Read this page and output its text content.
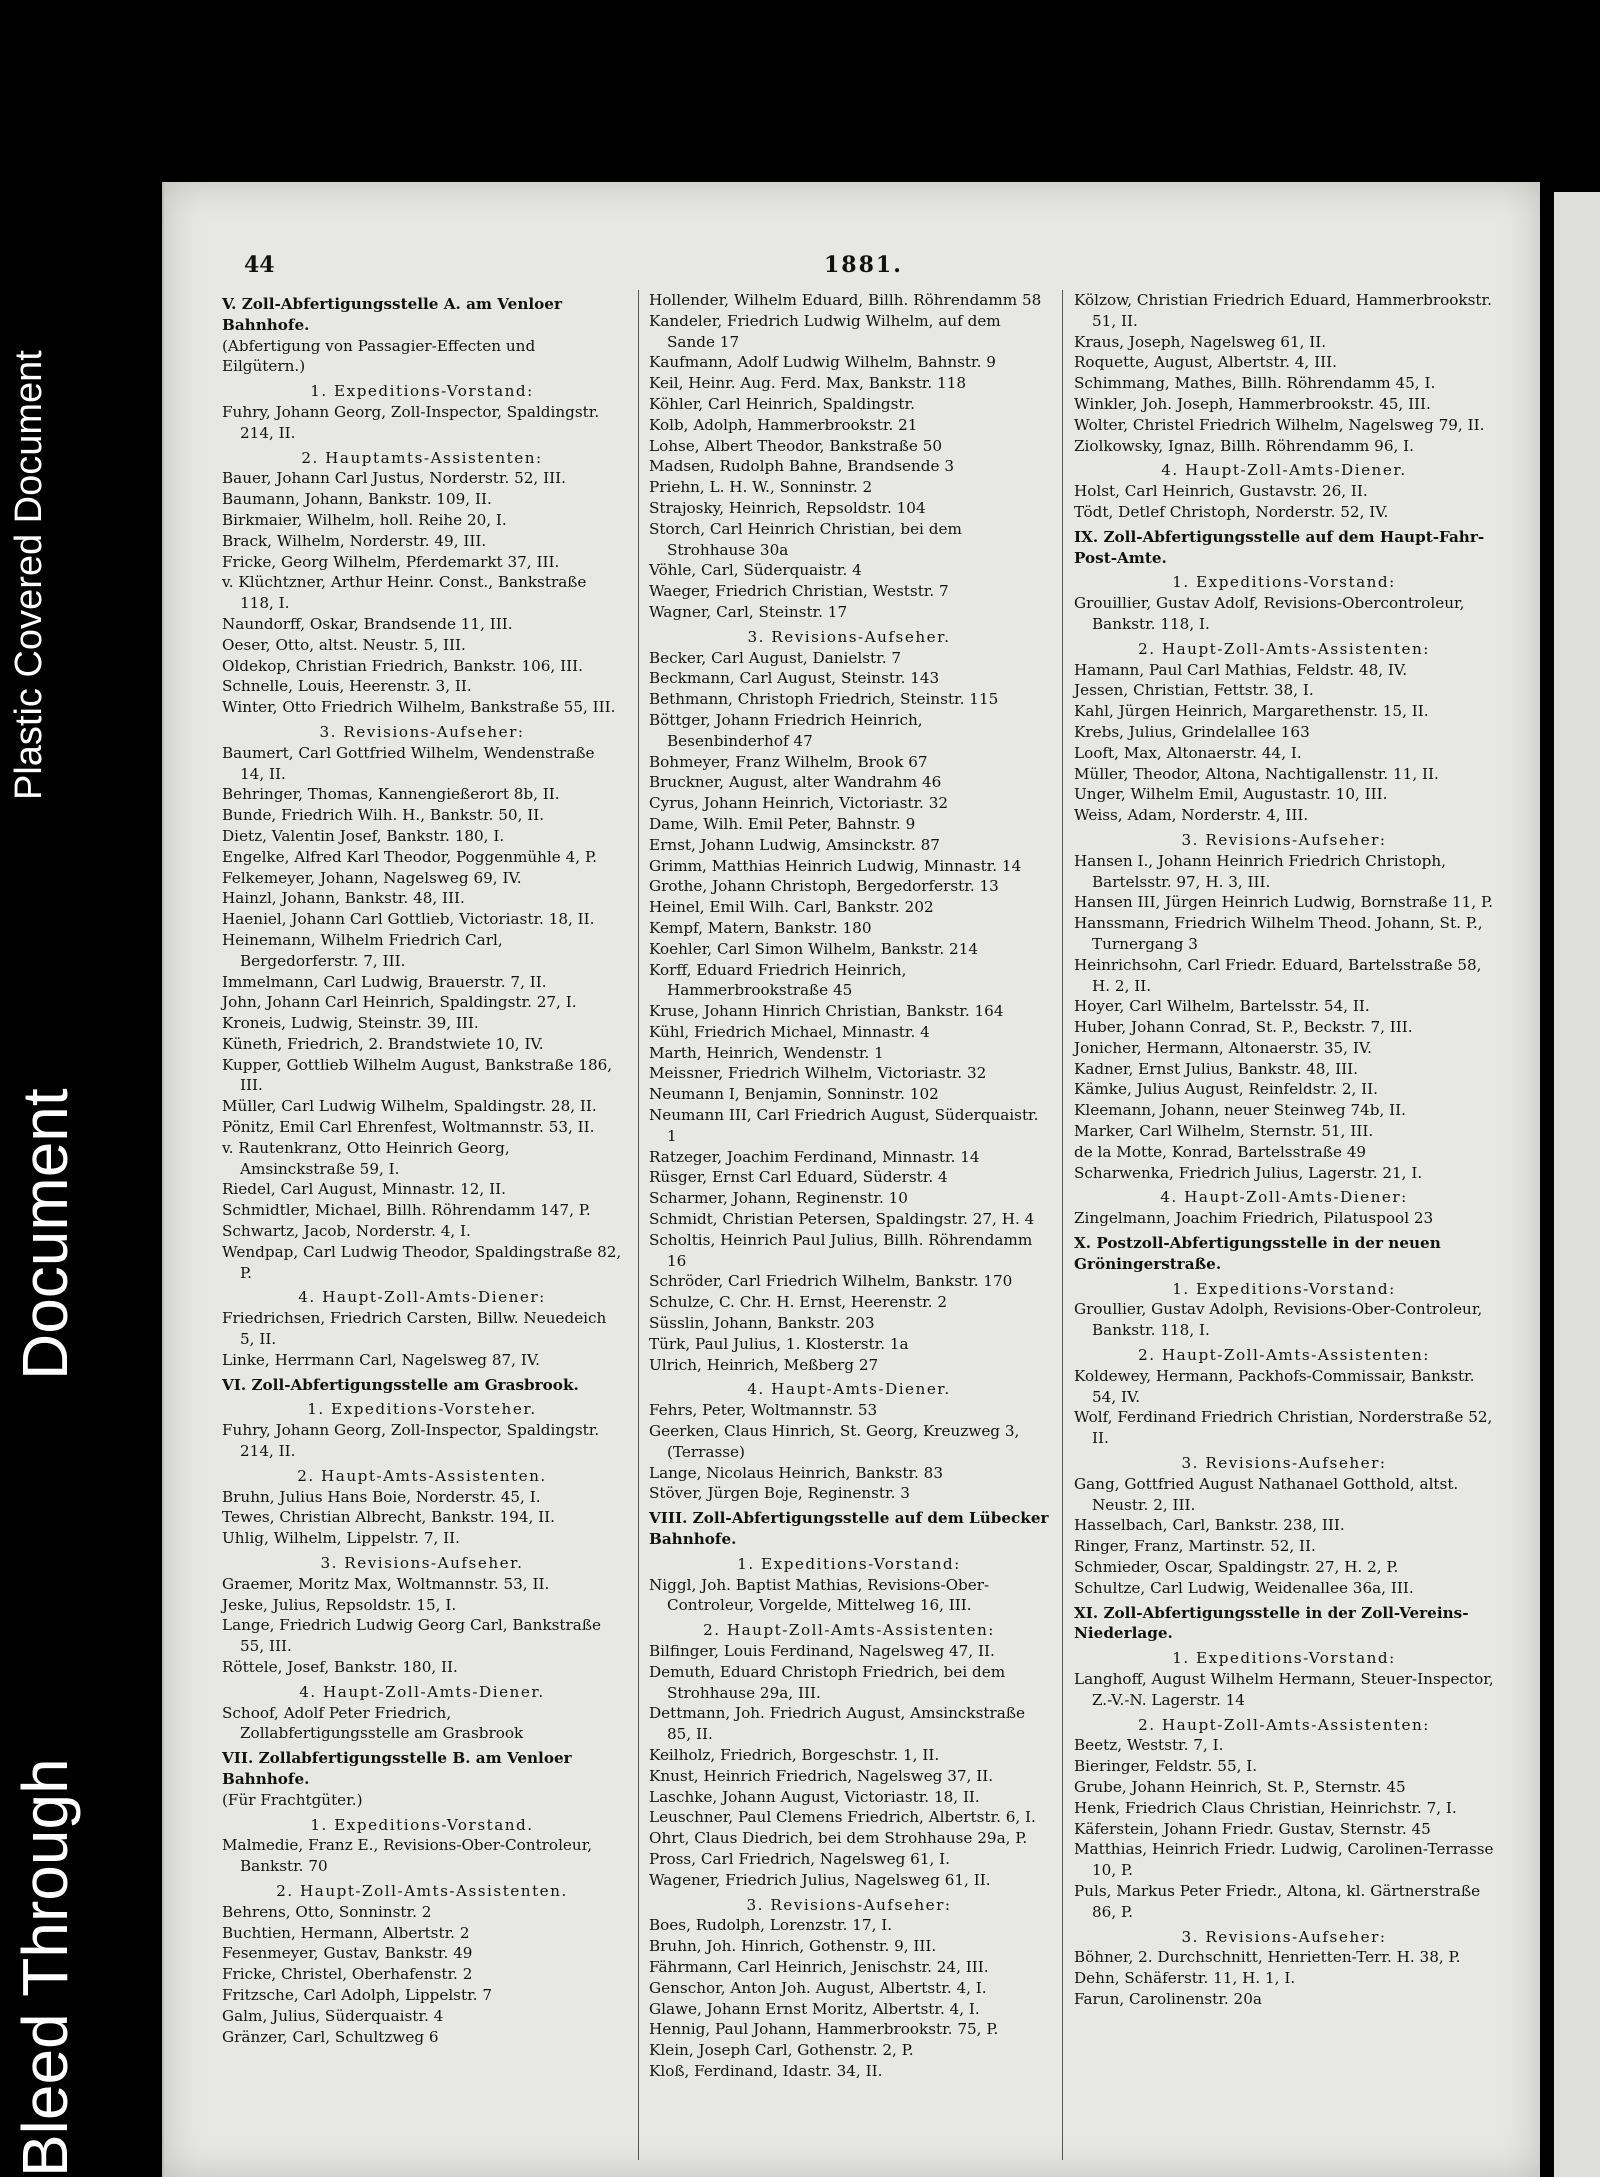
Plastic Covered Document
Document
Bleed Through
44	1881.
V. Zoll-Abfertigungsstelle A. am Venloer Bahnhofe.
(Abfertigung von Passagier-Effecten und Eilgütern.)
1. Expeditions-Vorstand:
Fuhry, Johann Georg, Zoll-Inspector, Spaldingstr. 214, II.
2. Hauptamts-Assistenten:
Bauer, Johann Carl Justus, Norderstr. 52, III.
Baumann, Johann, Bankstr. 109, II.
Birkmaier, Wilhelm, holl. Reihe 20, I.
Brack, Wilhelm, Norderstr. 49, III.
Fricke, Georg Wilhelm, Pferdemarkt 37, III.
v. Klüchtzner, Arthur Heinr. Const., Bankstraße 118, I.
Naundorff, Oskar, Brandsende 11, III.
Oeser, Otto, altst. Neustr. 5, III.
Oldekop, Christian Friedrich, Bankstr. 106, III.
Schnelle, Louis, Heerenstr. 3, II.
Winter, Otto Friedrich Wilhelm, Bankstraße 55, III.
3. Revisions-Aufseher:
Baumert, Carl Gottfried Wilhelm, Wendenstraße 14, II.
Behringer, Thomas, Kannengießerort 8b, II.
Bunde, Friedrich Wilh. H., Bankstr. 50, II.
Dietz, Valentin Josef, Bankstr. 180, I.
Engelke, Alfred Karl Theodor, Poggenmühle 4, P.
Felkemeyer, Johann, Nagelsweg 69, IV.
Hainzl, Johann, Bankstr. 48, III.
Haeniel, Johann Carl Gottlieb, Victoriastr. 18, II.
Heinemann, Wilhelm Friedrich Carl, Bergedorferstr. 7, III.
Immelmann, Carl Ludwig, Brauerstr. 7, II.
John, Johann Carl Heinrich, Spaldingstr. 27, I.
Kroneis, Ludwig, Steinstr. 39, III.
Küneth, Friedrich, 2. Brandstwiete 10, IV.
Kupper, Gottlieb Wilhelm August, Bankstraße 186, III.
Müller, Carl Ludwig Wilhelm, Spaldingstr. 28, II.
Pönitz, Emil Carl Ehrenfest, Woltmannstr. 53, II.
v. Rautenkranz, Otto Heinrich Georg, Amsinckstraße 59, I.
Riedel, Carl August, Minnastr. 12, II.
Schmidtler, Michael, Billh. Röhrendamm 147, P.
Schwartz, Jacob, Norderstr. 4, I.
Wendpap, Carl Ludwig Theodor, Spaldingstraße 82, P.
4. Haupt-Zoll-Amts-Diener:
Friedrichsen, Friedrich Carsten, Billw. Neuedeich 5, II.
Linke, Herrmann Carl, Nagelsweg 87, IV.
VI. Zoll-Abfertigungsstelle am Grasbrook.
1. Expeditions-Vorsteher.
Fuhry, Johann Georg, Zoll-Inspector, Spaldingstr. 214, II.
2. Haupt-Amts-Assistenten.
Bruhn, Julius Hans Boie, Norderstr. 45, I.
Tewes, Christian Albrecht, Bankstr. 194, II.
Uhlig, Wilhelm, Lippelstr. 7, II.
3. Revisions-Aufseher.
Graemer, Moritz Max, Woltmannstr. 53, II.
Jeske, Julius, Repsoldstr. 15, I.
Lange, Friedrich Ludwig Georg Carl, Bankstraße 55, III.
Röttele, Josef, Bankstr. 180, II.
4. Haupt-Zoll-Amts-Diener.
Schoof, Adolf Peter Friedrich, Zollabfertigungsstelle am Grasbrook
VII. Zollabfertigungsstelle B. am Venloer Bahnhofe.
(Für Frachtgüter.)
1. Expeditions-Vorstand.
Malmedie, Franz E., Revisions-Ober-Controleur, Bankstr. 70
2. Haupt-Zoll-Amts-Assistenten.
Behrens, Otto, Sonninstr. 2
Buchtien, Hermann, Albertstr. 2
Fesenmeyer, Gustav, Bankstr. 49
Fricke, Christel, Oberhafenstr. 2
Fritzsche, Carl Adolph, Lippelstr. 7
Galm, Julius, Süderquaistr. 4
Gränzer, Carl, Schultzweg 6
Hollender, Wilhelm Eduard, Billh. Röhrendamm 58
Kandeler, Friedrich Ludwig Wilhelm, auf dem Sande 17
Kaufmann, Adolf Ludwig Wilhelm, Bahnstr. 9
Keil, Heinr. Aug. Ferd. Max, Bankstr. 118
Köhler, Carl Heinrich, Spaldingstr.
Kolb, Adolph, Hammerbrookstr. 21
Lohse, Albert Theodor, Bankstraße 50
Madsen, Rudolph Bahne, Brandsende 3
Priehn, L. H. W., Sonninstr. 2
Strajosky, Heinrich, Repsoldstr. 104
Storch, Carl Heinrich Christian, bei dem Strohhause 30a
Vöhle, Carl, Süderquaistr. 4
Waeger, Friedrich Christian, Weststr. 7
Wagner, Carl, Steinstr. 17
3. Revisions-Aufseher.
Becker, Carl August, Danielstr. 7
Beckmann, Carl August, Steinstr. 143
Bethmann, Christoph Friedrich, Steinstr. 115
Böttger, Johann Friedrich Heinrich, Besenbinderhof 47
Bohmeyer, Franz Wilhelm, Brook 67
Bruckner, August, alter Wandrahm 46
Cyrus, Johann Heinrich, Victoriastr. 32
Dame, Wilh. Emil Peter, Bahnstr. 9
Ernst, Johann Ludwig, Amsinckstr. 87
Grimm, Matthias Heinrich Ludwig, Minnastr. 14
Grothe, Johann Christoph, Bergedorferstr. 13
Heinel, Emil Wilh. Carl, Bankstr. 202
Kempf, Matern, Bankstr. 180
Koehler, Carl Simon Wilhelm, Bankstr. 214
Korff, Eduard Friedrich Heinrich, Hammerbrookstraße 45
Kruse, Johann Hinrich Christian, Bankstr. 164
Kühl, Friedrich Michael, Minnastr. 4
Marth, Heinrich, Wendenstr. 1
Meissner, Friedrich Wilhelm, Victoriastr. 32
Neumann I, Benjamin, Sonninstr. 102
Neumann III, Carl Friedrich August, Süderquaistr. 1
Ratzeger, Joachim Ferdinand, Minnastr. 14
Rüsger, Ernst Carl Eduard, Süderstr. 4
Scharmer, Johann, Reginenstr. 10
Schmidt, Christian Petersen, Spaldingstr. 27, H. 4
Scholtis, Heinrich Paul Julius, Billh. Röhrendamm 16
Schröder, Carl Friedrich Wilhelm, Bankstr. 170
Schulze, C. Chr. H. Ernst, Heerenstr. 2
Süsslin, Johann, Bankstr. 203
Türk, Paul Julius, 1. Klosterstr. 1a
Ulrich, Heinrich, Meßberg 27
4. Haupt-Amts-Diener.
Fehrs, Peter, Woltmannstr. 53
Geerken, Claus Hinrich, St. Georg, Kreuzweg 3, (Terrasse)
Lange, Nicolaus Heinrich, Bankstr. 83
Stöver, Jürgen Boje, Reginenstr. 3
VIII. Zoll-Abfertigungsstelle auf dem Lübecker Bahnhofe.
1. Expeditions-Vorstand:
Niggl, Joh. Baptist Mathias, Revisions-Ober-Controleur, Vorgelde, Mittelweg 16, III.
2. Haupt-Zoll-Amts-Assistenten:
Bilfinger, Louis Ferdinand, Nagelsweg 47, II.
Demuth, Eduard Christoph Friedrich, bei dem Strohhause 29a, III.
Dettmann, Joh. Friedrich August, Amsinckstraße 85, II.
Keilholz, Friedrich, Borgeschstr. 1, II.
Knust, Heinrich Friedrich, Nagelsweg 37, II.
Laschke, Johann August, Victoriastr. 18, II.
Leuschner, Paul Clemens Friedrich, Albertstr. 6, I.
Ohrt, Claus Diedrich, bei dem Strohhause 29a, P.
Pross, Carl Friedrich, Nagelsweg 61, I.
Wagener, Friedrich Julius, Nagelsweg 61, II.
3. Revisions-Aufseher:
Boes, Rudolph, Lorenzstr. 17, I.
Bruhn, Joh. Hinrich, Gothenstr. 9, III.
Fährmann, Carl Heinrich, Jenischstr. 24, III.
Genschor, Anton Joh. August, Albertstr. 4, I.
Glawe, Johann Ernst Moritz, Albertstr. 4, I.
Hennig, Paul Johann, Hammerbrookstr. 75, P.
Klein, Joseph Carl, Gothenstr. 2, P.
Kloß, Ferdinand, Idastr. 34, II.
Kölzow, Christian Friedrich Eduard, Hammerbrookstr. 51, II.
Kraus, Joseph, Nagelsweg 61, II.
Roquette, August, Albertstr. 4, III.
Schimmang, Mathes, Billh. Röhrendamm 45, I.
Winkler, Joh. Joseph, Hammerbrookstr. 45, III.
Wolter, Christel Friedrich Wilhelm, Nagelsweg 79, II.
Ziolkowsky, Ignaz, Billh. Röhrendamm 96, I.
4. Haupt-Zoll-Amts-Diener.
Holst, Carl Heinrich, Gustavstr. 26, II.
Tödt, Detlef Christoph, Norderstr. 52, IV.
IX. Zoll-Abfertigungsstelle auf dem Haupt-Fahr-Post-Amte.
1. Expeditions-Vorstand:
Grouillier, Gustav Adolf, Revisions-Obercontroleur, Bankstr. 118, I.
2. Haupt-Zoll-Amts-Assistenten:
Hamann, Paul Carl Mathias, Feldstr. 48, IV.
Jessen, Christian, Fettstr. 38, I.
Kahl, Jürgen Heinrich, Margarethenstr. 15, II.
Krebs, Julius, Grindelallee 163
Looft, Max, Altonaerstr. 44, I.
Müller, Theodor, Altona, Nachtigallenstr. 11, II.
Unger, Wilhelm Emil, Augustastr. 10, III.
Weiss, Adam, Norderstr. 4, III.
3. Revisions-Aufseher:
Hansen I., Johann Heinrich Friedrich Christoph, Bartelsstr. 97, H. 3, III.
Hansen III, Jürgen Heinrich Ludwig, Bornstraße 11, P.
Hanssmann, Friedrich Wilhelm Theod. Johann, St. P., Turnergang 3
Heinrichsohn, Carl Friedr. Eduard, Bartelsstraße 58, H. 2, II.
Hoyer, Carl Wilhelm, Bartelsstr. 54, II.
Huber, Johann Conrad, St. P., Beckstr. 7, III.
Jonicher, Hermann, Altonaerstr. 35, IV.
Kadner, Ernst Julius, Bankstr. 48, III.
Kämke, Julius August, Reinfeldstr. 2, II.
Kleemann, Johann, neuer Steinweg 74b, II.
Marker, Carl Wilhelm, Sternstr. 51, III.
de la Motte, Konrad, Bartelsstraße 49
Scharwenka, Friedrich Julius, Lagerstr. 21, I.
4. Haupt-Zoll-Amts-Diener:
Zingelmann, Joachim Friedrich, Pilatuspool 23
X. Postzoll-Abfertigungsstelle in der neuen Gröningerstraße.
1. Expeditions-Vorstand:
Groullier, Gustav Adolph, Revisions-Ober-Controleur, Bankstr. 118, I.
2. Haupt-Zoll-Amts-Assistenten:
Koldewey, Hermann, Packhofs-Commissair, Bankstr. 54, IV.
Wolf, Ferdinand Friedrich Christian, Norderstraße 52, II.
3. Revisions-Aufseher:
Gang, Gottfried August Nathanael Gotthold, altst. Neustr. 2, III.
Hasselbach, Carl, Bankstr. 238, III.
Ringer, Franz, Martinstr. 52, II.
Schmieder, Oscar, Spaldingstr. 27, H. 2, P.
Schultze, Carl Ludwig, Weidenallee 36a, III.
XI. Zoll-Abfertigungsstelle in der Zoll-Vereins-Niederlage.
1. Expeditions-Vorstand:
Langhoff, August Wilhelm Hermann, Steuer-Inspector, Z.-V.-N. Lagerstr. 14
2. Haupt-Zoll-Amts-Assistenten:
Beetz, Weststr. 7, I.
Bieringer, Feldstr. 55, I.
Grube, Johann Heinrich, St. P., Sternstr. 45
Henk, Friedrich Claus Christian, Heinrichstr. 7, I.
Käferstein, Johann Friedr. Gustav, Sternstr. 45
Matthias, Heinrich Friedr. Ludwig, Carolinen-Terrasse 10, P.
Puls, Markus Peter Friedr., Altona, kl. Gärtnerstraße 86, P.
3. Revisions-Aufseher:
Böhner, 2. Durchschnitt, Henrietten-Terr. H. 38, P.
Dehn, Schäferstr. 11, H. 1, I.
Farun, Carolinenstr. 20a
